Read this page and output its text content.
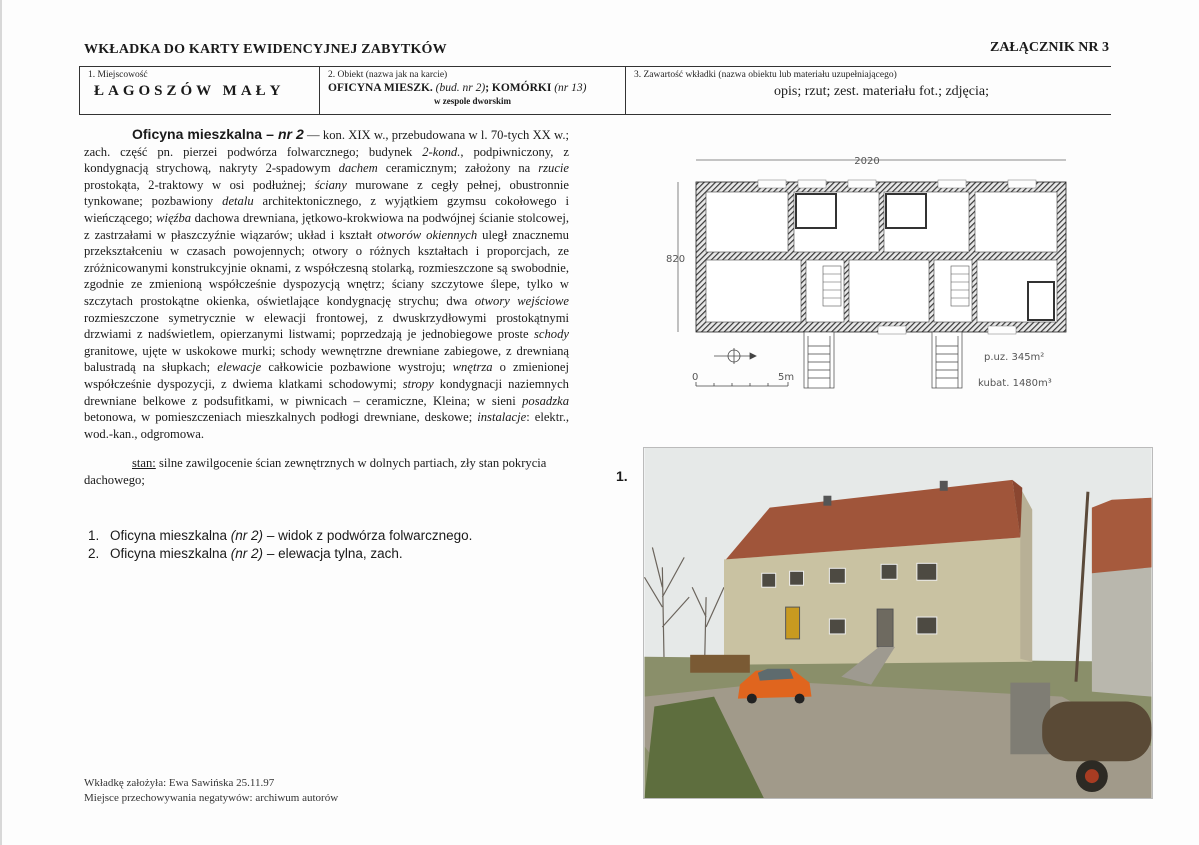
WKŁADKA DO KARTY EWIDENCYJNEJ ZABYTKÓW	ZAŁĄCZNIK NR 3
1. Miejscowość
ŁAGOSZÓW MAŁY
2. Obiekt (nazwa jak na karcie)
OFICYNA MIESZK. (bud. nr 2); KOMÓRKI (nr 13)
w zespole dworskim
3. Zawartość wkładki (nazwa obiektu lub materiału uzupełniającego)
opis; rzut; zest. materiału fot.; zdjęcia;
Oficyna mieszkalna – nr 2 — kon. XIX w., przebudowana w l. 70-tych XX w.; zach. część pn. pierzei podwórza folwarcznego; budynek 2-kond., podpiwniczony, z kondygnacją strychową, nakryty 2-spadowym dachem ceramicznym; założony na rzucie prostokąta, 2-traktowy w osi podłużnej; ściany murowane z cegły pełnej, obustronnie tynkowane; pozbawiony detalu architektonicznego, z wyjątkiem gzymsu cokołowego i wieńczącego; więźba dachowa drewniana, jętkowo-krokwiowa na podwójnej ścianie stolcowej, z zastrzałami w płaszczyźnie wiązarów; układ i kształt otworów okiennych uległ znacznemu przekształceniu w czasach powojennych; otwory o różnych kształtach i proporcjach, ze zróżnicowanymi konstrukcyjnie oknami, z współczesną stolarką, rozmieszczone są swobodnie, zgodnie ze zmienioną współcześnie dyspozycją wnętrz; ściany szczytowe ślepe, tylko w szczytach prostokątne okienka, oświetlające kondygnację strychu; dwa otwory wejściowe rozmieszczone symetrycznie w elewacji frontowej, z dwuskrzydłowymi prostokątnymi drzwiami z nadświetlem, opierzanymi listwami; poprzedzają je jednobiegowe proste schody granitowe, ujęte w uskokowe murki; schody wewnętrzne drewniane zabiegowe, z drewnianą balustradą na słupkach; elewacje całkowicie pozbawione wystroju; wnętrza o zmienionej współcześnie dyspozycji, z dwiema klatkami schodowymi; stropy kondygnacji naziemnych drewniane belkowe z podsufitkami, w piwnicach – ceramiczne, Kleina; w sieni posadzka betonowa, w pomieszczeniach mieszkalnych podłogi drewniane, deskowe; instalacje: elektr., wod.-kan., odgromowa.
stan: silne zawilgocenie ścian zewnętrznych w dolnych partiach, zły stan pokrycia dachowego;
1. Oficyna mieszkalna (nr 2) – widok z podwórza folwarcznego.
2. Oficyna mieszkalna (nr 2) – elewacja tylna, zach.
Wkładkę założyła: Ewa Sawińska 25.11.97
Miejsce przechowywania negatywów: archiwum autorów
2020
820
0	5m
p.uz. 345m²
kubat. 1480m³
1.
